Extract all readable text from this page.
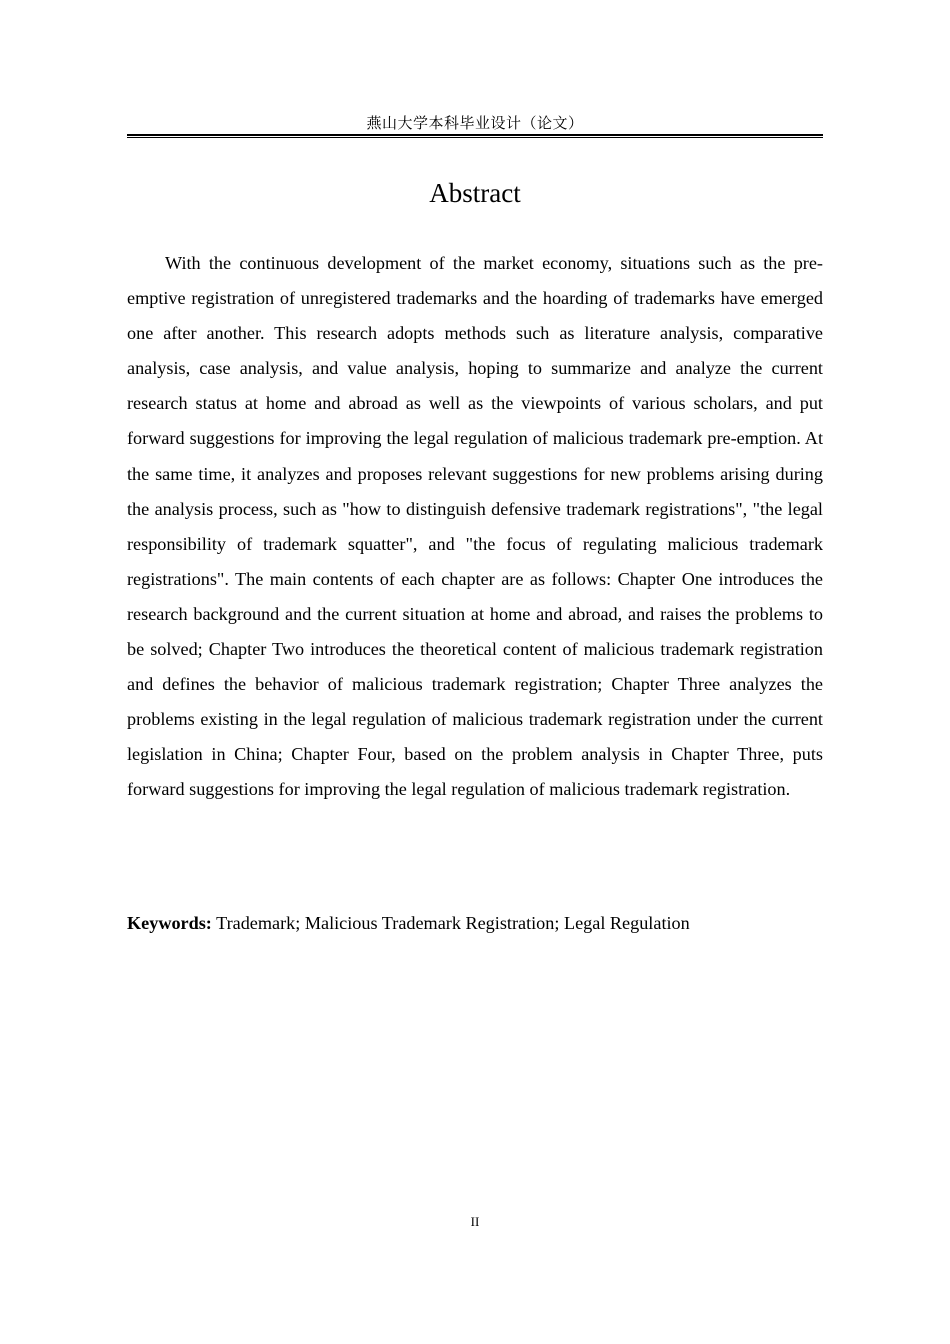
燕山大学本科毕业设计（论文）
Abstract

With the continuous development of the market economy, situations such as the pre-emptive registration of unregistered trademarks and the hoarding of trademarks have emerged one after another. This research adopts methods such as literature analysis, comparative analysis, case analysis, and value analysis, hoping to summarize and analyze the current research status at home and abroad as well as the viewpoints of various scholars, and put forward suggestions for improving the legal regulation of malicious trademark pre-emption. At the same time, it analyzes and proposes relevant suggestions for new problems arising during the analysis process, such as "how to distinguish defensive trademark registrations", "the legal responsibility of trademark squatter", and "the focus of regulating malicious trademark registrations". The main contents of each chapter are as follows: Chapter One introduces the research background and the current situation at home and abroad, and raises the problems to be solved; Chapter Two introduces the theoretical content of malicious trademark registration and defines the behavior of malicious trademark registration; Chapter Three analyzes the problems existing in the legal regulation of malicious trademark registration under the current legislation in China; Chapter Four, based on the problem analysis in Chapter Three, puts forward suggestions for improving the legal regulation of malicious trademark registration.

Keywords: Trademark; Malicious Trademark Registration; Legal Regulation
II
